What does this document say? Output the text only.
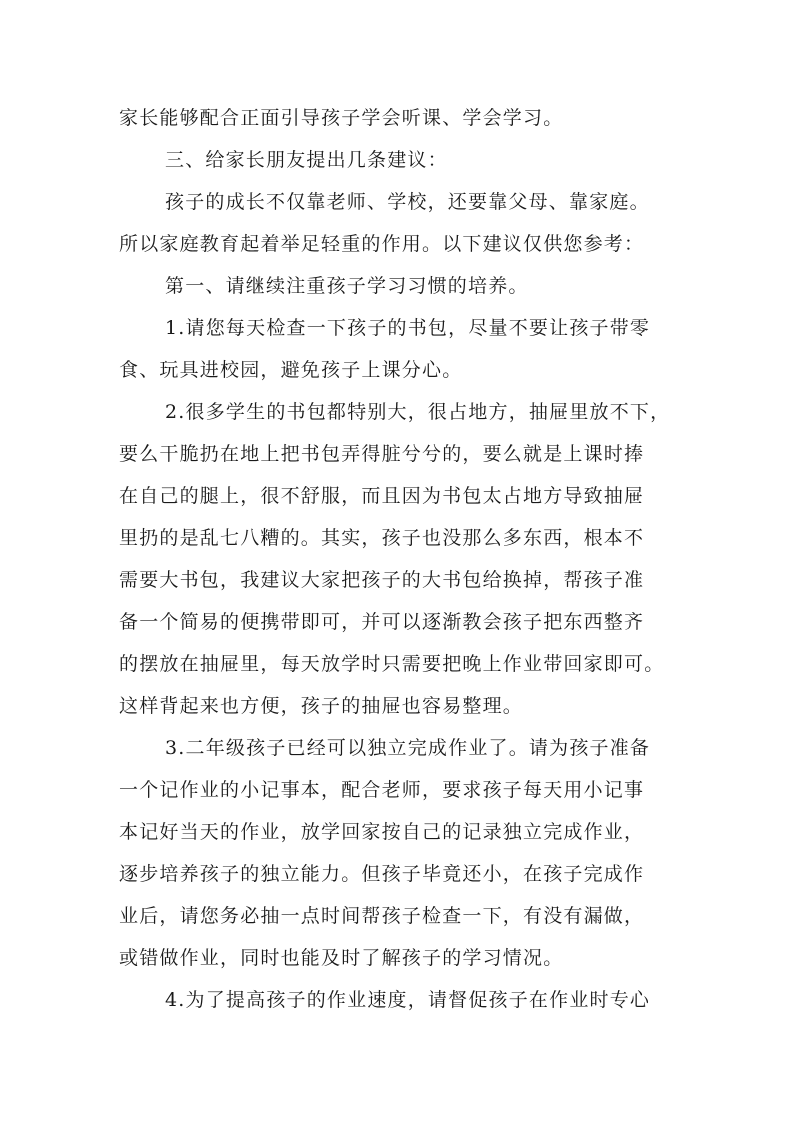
家长能够配合正面引导孩子学会听课、学会学习。
三、给家长朋友提出几条建议：
孩子的成长不仅靠老师、学校，还要靠父母、靠家庭。
所以家庭教育起着举足轻重的作用。以下建议仅供您参考：
第一、请继续注重孩子学习习惯的培养。
1.请您每天检查一下孩子的书包，尽量不要让孩子带零
食、玩具进校园，避免孩子上课分心。
2.很多学生的书包都特别大，很占地方，抽屉里放不下，
要么干脆扔在地上把书包弄得脏兮兮的，要么就是上课时捧
在自己的腿上，很不舒服，而且因为书包太占地方导致抽屉
里扔的是乱七八糟的。其实，孩子也没那么多东西，根本不
需要大书包，我建议大家把孩子的大书包给换掉，帮孩子准
备一个简易的便携带即可，并可以逐渐教会孩子把东西整齐
的摆放在抽屉里，每天放学时只需要把晚上作业带回家即可。
这样背起来也方便，孩子的抽屉也容易整理。
3.二年级孩子已经可以独立完成作业了。请为孩子准备
一个记作业的小记事本，配合老师，要求孩子每天用小记事
本记好当天的作业，放学回家按自己的记录独立完成作业，
逐步培养孩子的独立能力。但孩子毕竟还小，在孩子完成作
业后，请您务必抽一点时间帮孩子检查一下，有没有漏做，
或错做作业，同时也能及时了解孩子的学习情况。
4.为了提高孩子的作业速度，请督促孩子在作业时专心
